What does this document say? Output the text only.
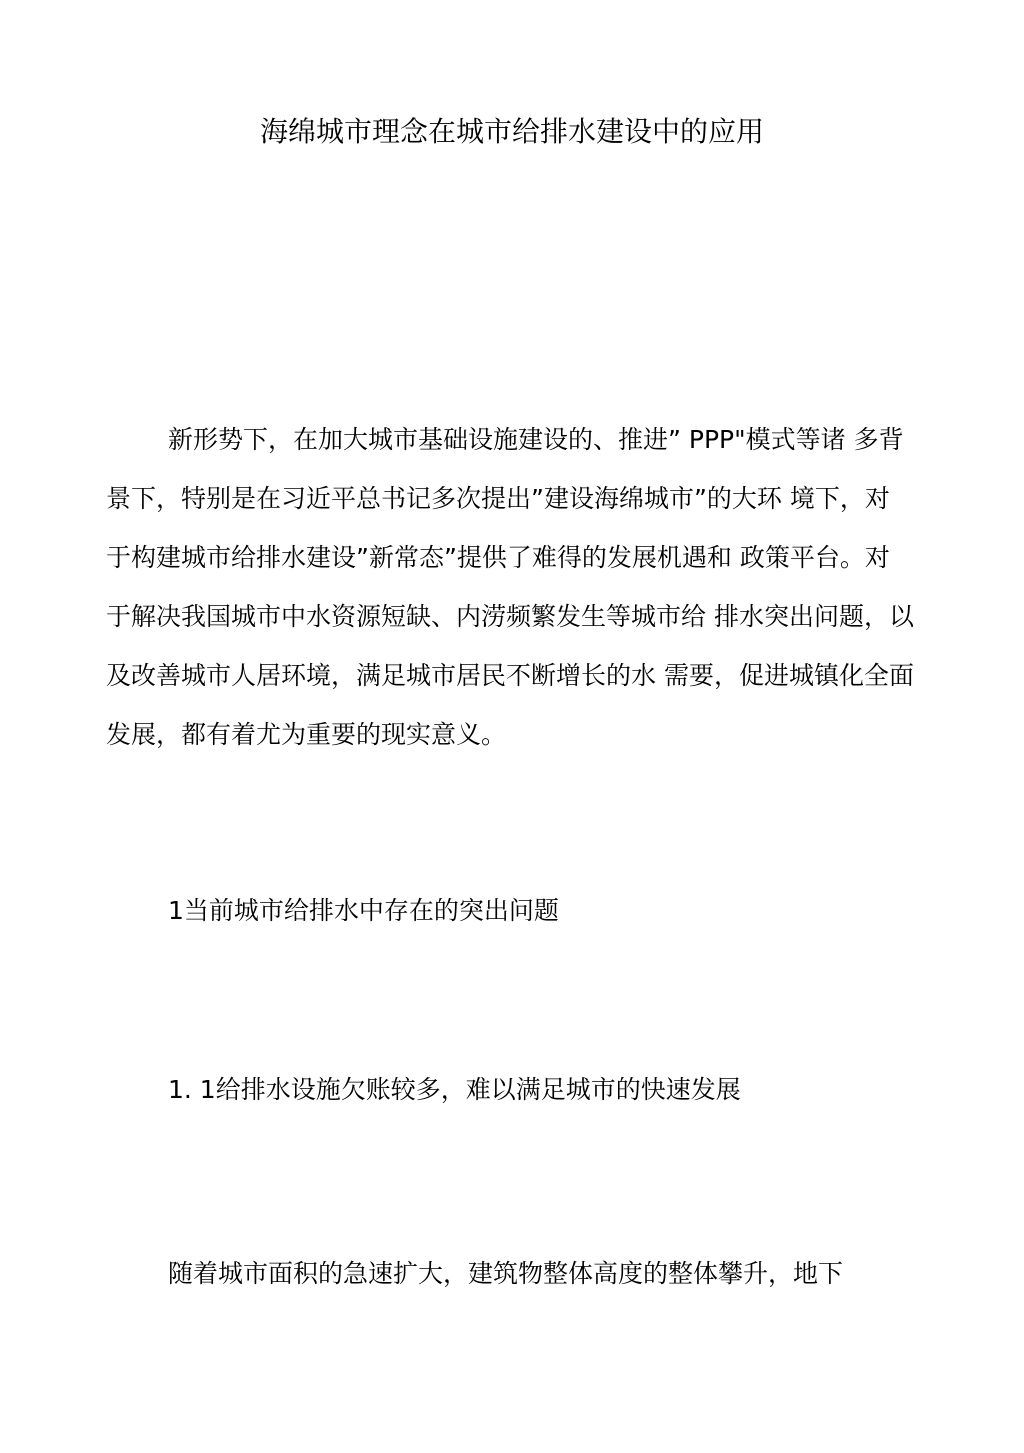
海绵城市理念在城市给排水建设中的应用
新形势下，在加大城市基础设施建设的、推进” PPP"模式等诸 多背
景下，特别是在习近平总书记多次提出”建设海绵城市”的大环 境下，对
于构建城市给排水建设”新常态”提供了难得的发展机遇和 政策平台。对
于解决我国城市中水资源短缺、内涝频繁发生等城市给 排水突出问题，以
及改善城市人居环境，满足城市居民不断增长的水 需要，促进城镇化全面
发展，都有着尤为重要的现实意义。
1当前城市给排水中存在的突出问题
1. 1给排水设施欠账较多，难以满足城市的快速发展
随着城市面积的急速扩大，建筑物整体高度的整体攀升，地下
